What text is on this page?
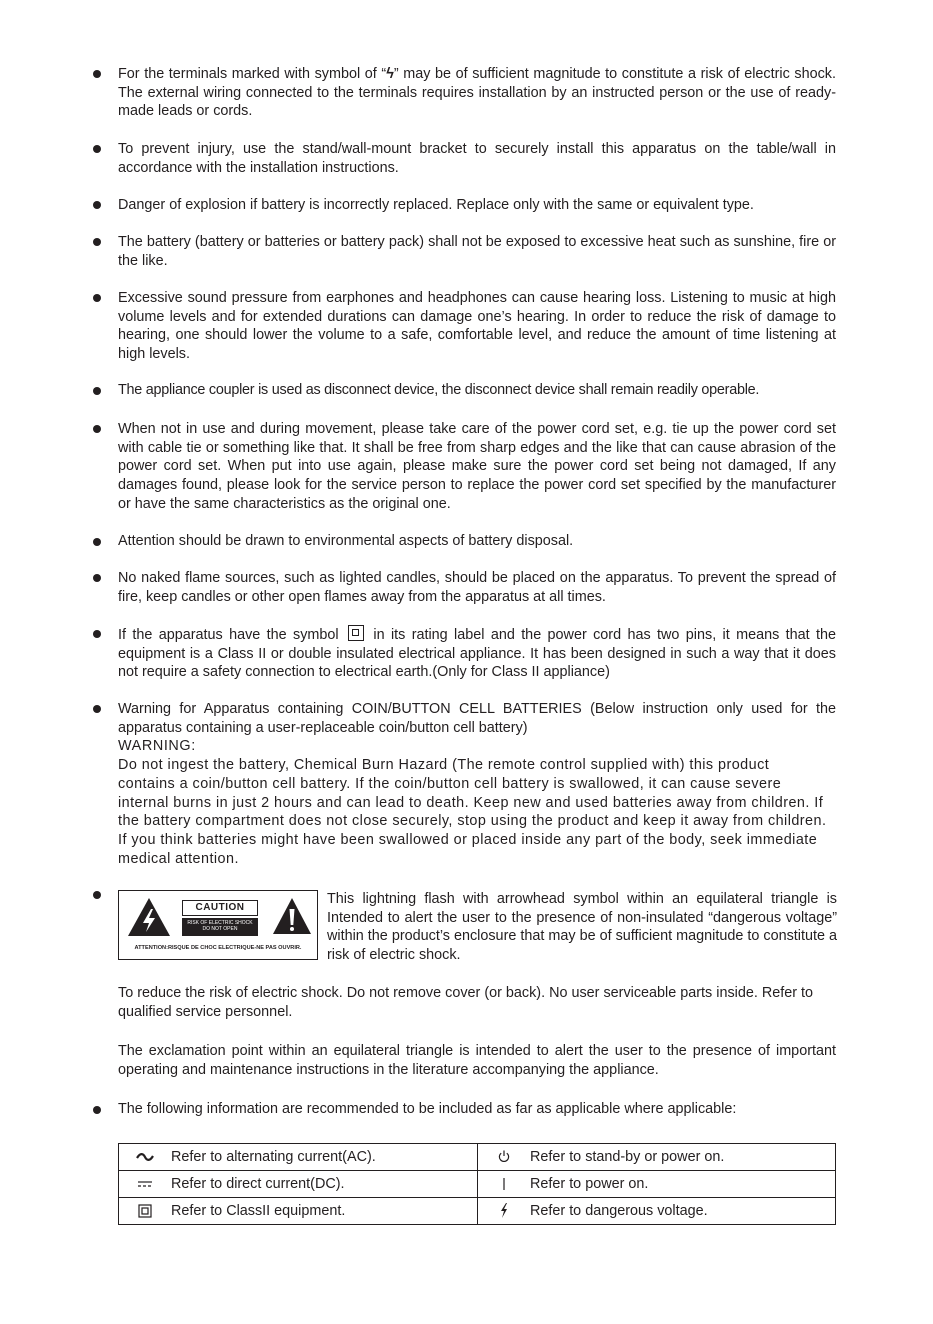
For the terminals marked with symbol of “ϟ” may be of sufficient magnitude to constitute a risk of electric shock. The external wiring connected to the terminals requires installation by an instructed person or the use of ready-made leads or cords.

To prevent injury, use the stand/wall-mount bracket to securely install this apparatus on the table/wall in accordance with the installation instructions.

Danger of explosion if battery is incorrectly replaced. Replace only with the same or equivalent type.

The battery (battery or batteries or battery pack) shall not be exposed to excessive heat such as sunshine, fire or the like.

Excessive sound pressure from earphones and headphones can cause hearing loss. Listening to music at high volume levels and for extended durations can damage one’s hearing. In order to reduce the risk of damage to hearing, one should lower the volume to a safe, comfortable level, and reduce the amount of time listening at high levels.

The appliance coupler is used as disconnect device, the disconnect device shall remain readily operable.

When not in use and during movement, please take care of the power cord set, e.g. tie up the power cord set with cable tie or something like that. It shall be free from sharp edges and the like that can cause abrasion of the power cord set. When put into use again, please make sure the power cord set being not damaged, If any damages found, please look for the service person to replace the power cord set specified by the manufacturer or have the same characteristics as the original one.

Attention should be drawn to environmental aspects of battery disposal.

No naked flame sources, such as lighted candles, should be placed on the apparatus. To prevent the spread of fire, keep candles or other open flames away from the apparatus at all times.

If the apparatus have the symbol in its rating label and the power cord has two pins, it means that the equipment is a Class II or double insulated electrical appliance. It has been designed in such a way that it does not require a safety connection to electrical earth.(Only for Class II appliance)

Warning for Apparatus containing COIN/BUTTON CELL BATTERIES (Below instruction only used for the apparatus containing a user-replaceable coin/button cell battery)

WARNING:

Do not ingest the battery, Chemical Burn Hazard (The remote control supplied with) this product contains a coin/button cell battery. If the coin/button cell battery is swallowed, it can cause severe internal burns in just 2 hours and can lead to death. Keep new and used batteries away from children. If the battery compartment does not close securely, stop using the product and keep it away from children. If you think batteries might have been swallowed or placed inside any part of the body, seek immediate medical attention.

CAUTION
RISK OF ELECTRIC SHOCK
DO NOT OPEN
ATTENTION:RISQUE DE CHOC ELECTRIQUE-NE PAS OUVRIR.

This lightning flash with arrowhead symbol within an equilateral triangle is Intended to alert the user to the presence of non-insulated “dangerous voltage” within the product’s enclosure that may be of sufficient magnitude to constitute a risk of electric shock.

To reduce the risk of electric shock. Do not remove cover (or back). No user serviceable parts inside. Refer to qualified service personnel.

The exclamation point within an equilateral triangle is intended to alert the user to the presence of important operating and maintenance instructions in the literature accompanying the appliance.

The following information are recommended to be included as far as applicable where applicable:

Refer to alternating current(AC).	Refer to stand-by or power on.

Refer to direct current(DC).	Refer to power on.

Refer to ClassII equipment.	Refer to dangerous voltage.
